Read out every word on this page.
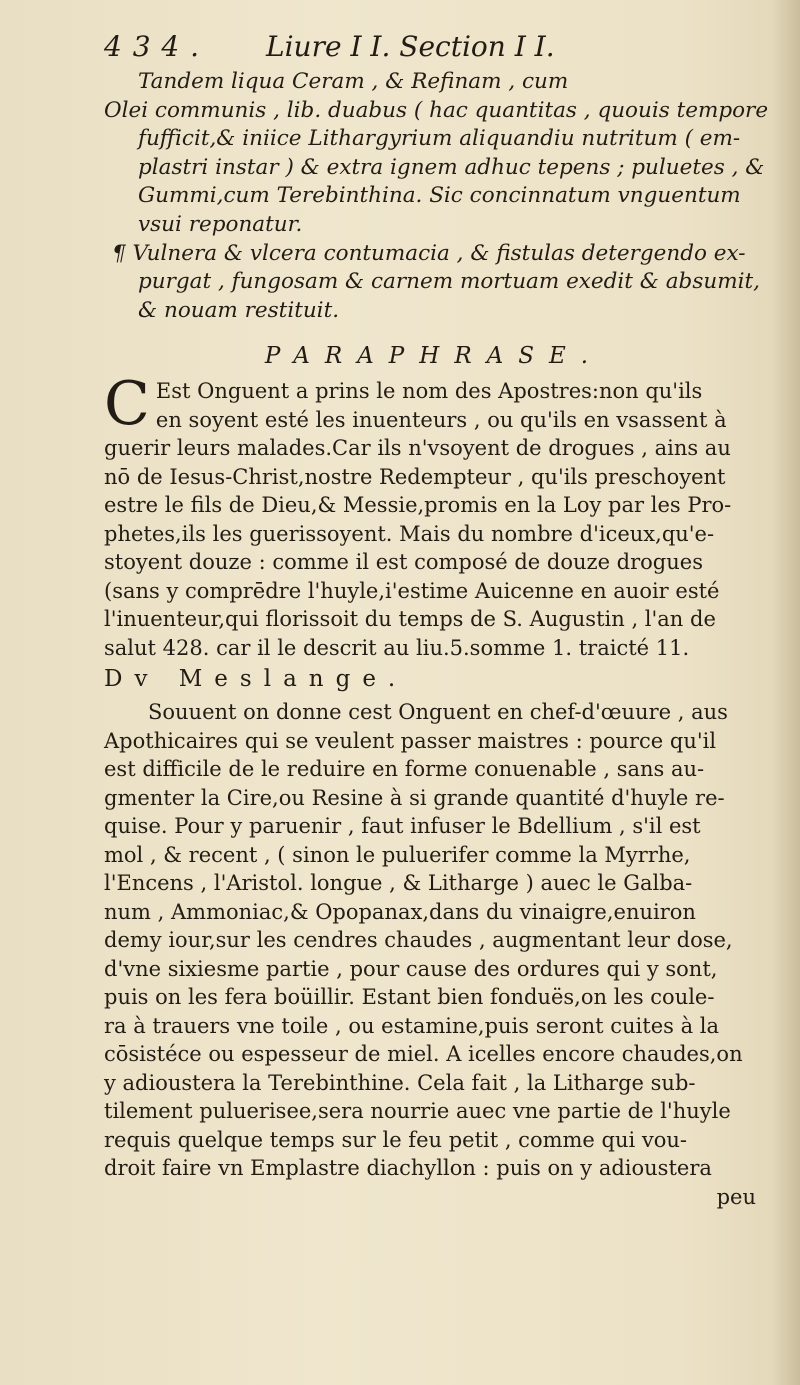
4 3 4 .	Liure I I. Section I I.
Tandem liqua Ceram , & Refinam , cum
Olei communis , lib. duabus ( hac quantitas , quouis tempore
fufficit,& iniice Lithargyrium aliquandiu nutritum ( em-
plastri instar ) & extra ignem adhuc tepens ; puluetes , &
Gummi,cum Terebinthina. Sic concinnatum vnguentum
vsui reponatur.
¶ Vulnera & vlcera contumacia , & fistulas detergendo ex-
purgat , fungosam & carnem mortuam exedit & absumit,
& nouam restituit.
PARAPHRASE.
C Est Onguent a prins le nom des Apostres:non qu'ils
en soyent esté les inuenteurs , ou qu'ils en vsassent à
guerir leurs malades.Car ils n'vsoyent de drogues , ains au
nō de Iesus-Christ,nostre Redempteur , qu'ils preschoyent
estre le fils de Dieu,& Messie,promis en la Loy par les Pro-
phetes,ils les guerissoyent. Mais du nombre d'iceux,qu'e-
stoyent douze : comme il est composé de douze drogues
(sans y comprēdre l'huyle,i'estime Auicenne en auoir esté
l'inuenteur,qui florissoit du temps de S. Augustin , l'an de
salut 428. car il le descrit au liu.5.somme 1. traicté 11.
Dv Meslange.
Souuent on donne cest Onguent en chef-d'œuure , aus
Apothicaires qui se veulent passer maistres : pource qu'il
est difficile de le reduire en forme conuenable , sans au-
gmenter la Cire,ou Resine à si grande quantité d'huyle re-
quise. Pour y paruenir , faut infuser le Bdellium , s'il est
mol , & recent , ( sinon le puluerifer comme la Myrrhe,
l'Encens , l'Aristol. longue , & Litharge ) auec le Galba-
num , Ammoniac,& Opopanax,dans du vinaigre,enuiron
demy iour,sur les cendres chaudes , augmentant leur dose,
d'vne sixiesme partie , pour cause des ordures qui y sont,
puis on les fera boüillir. Estant bien fonduës,on les coule-
ra à trauers vne toile , ou estamine,puis seront cuites à la
cōsistéce ou espesseur de miel. A icelles encore chaudes,on
y adioustera la Terebinthine. Cela fait , la Litharge sub-
tilement puluerisee,sera nourrie auec vne partie de l'huyle
requis quelque temps sur le feu petit , comme qui vou-
droit faire vn Emplastre diachyllon : puis on y adioustera
peu
